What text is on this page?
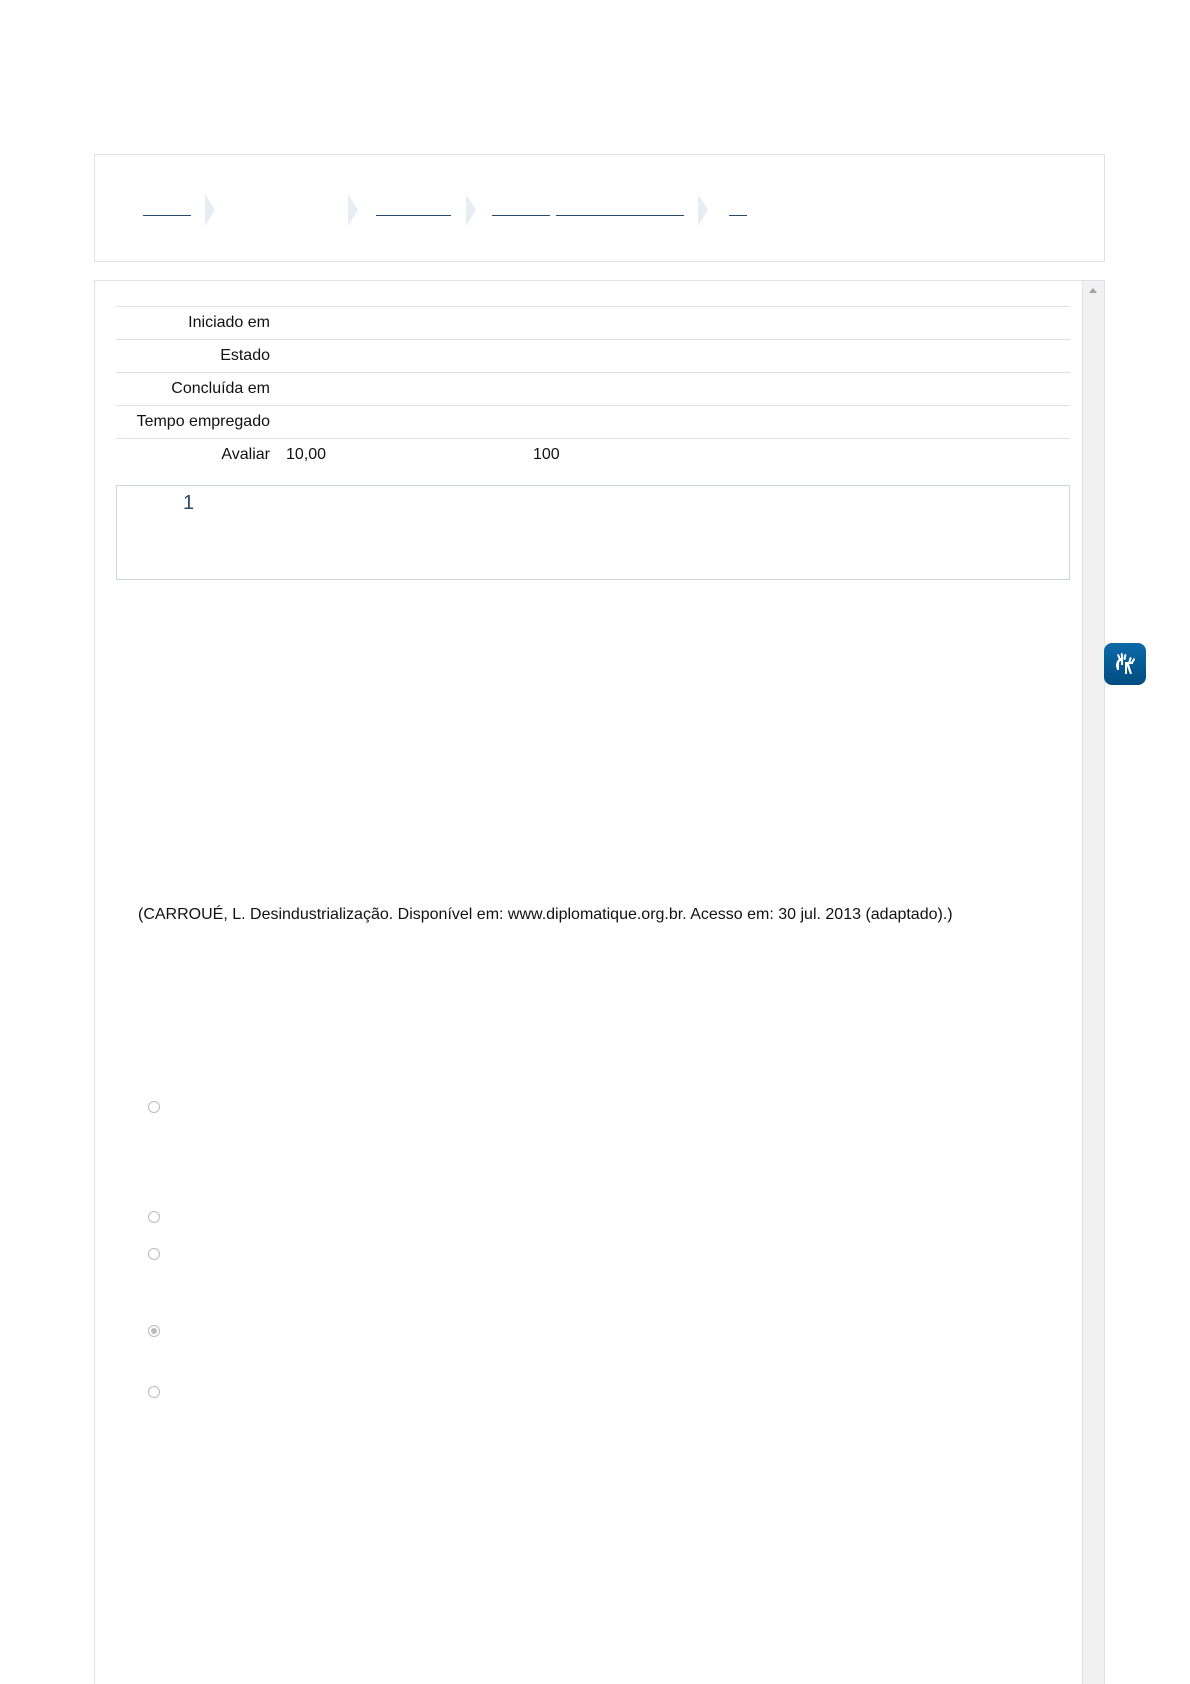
Iniciado em	
Estado	
Concluída em	
Tempo empregado	
Avaliar	10,00 100
1
(CARROUÉ, L. Desindustrialização. Disponível em: www.diplomatique.org.br. Acesso em: 30 jul. 2013 (adaptado).)
